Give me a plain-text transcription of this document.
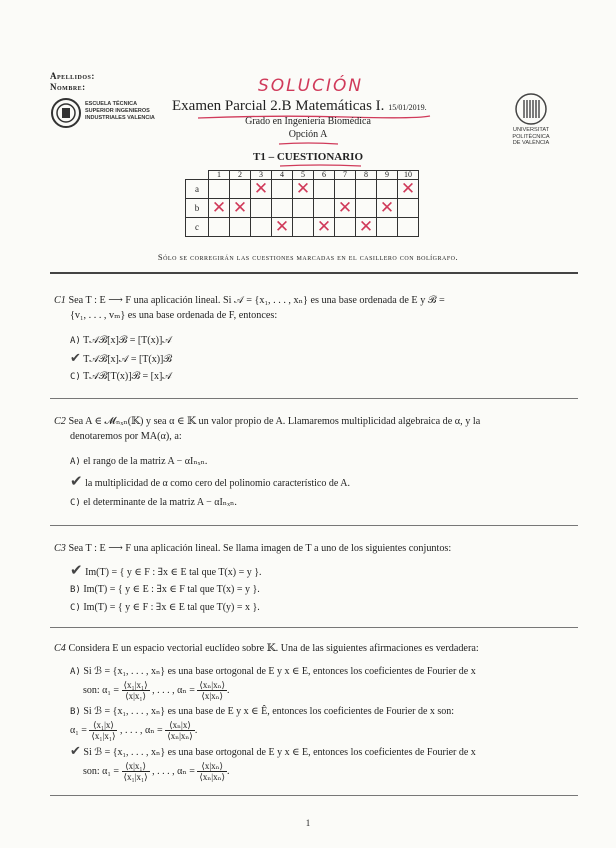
Apellidos:
Nombre:	SOLUCIÓN
ESCUELA TÉCNICA
SUPERIOR INGENIEROS
INDUSTRIALES VALENCIA
Examen Parcial 2.B Matemáticas I. 15/01/2019.
Grado en Ingeniería Biomédica
Opción A	UNIVERSITAT
POLITÈCNICA
DE VALÈNCIA
T1 – CUESTIONARIO
	1	2	3	4	5	6	7	8	9	10
a			✕		✕					✕
b	✕	✕					✕		✕	
c				✕		✕		✕		
Sólo se corregirán las cuestiones marcadas en el casillero con bolígrafo.
C1 Sea T : E ⟶ F una aplicación lineal. Si 𝒜 = {x₁, . . . , xₙ} es una base ordenada de E y ℬ =
{v₁, . . . , vₘ} es una base ordenada de F, entonces:
A) T𝒜ℬ[x]ℬ = [T(x)]𝒜
✔ T𝒜ℬ[x]𝒜 = [T(x)]ℬ
C) T𝒜ℬ[T(x)]ℬ = [x]𝒜
C2 Sea A ∈ 𝓜ₙₓₙ(𝕂) y sea α ∈ 𝕂 un valor propio de A. Llamaremos multiplicidad algebraica de α, y la
denotaremos por MA(α), a:
A) el rango de la matriz A − αIₙₓₙ.
✔ la multiplicidad de α como cero del polinomio característico de A.
C) el determinante de la matriz A − αIₙₓₙ.
C3 Sea T : E ⟶ F una aplicación lineal. Se llama imagen de T a uno de los siguientes conjuntos:
✔ Im(T) = { y ∈ F : ∃x ∈ E tal que T(x) = y }.
B) Im(T) = { y ∈ E : ∃x ∈ F tal que T(x) = y }.
C) Im(T) = { y ∈ F : ∃x ∈ E tal que T(y) = x }.
C4 Considera E un espacio vectorial euclídeo sobre 𝕂. Una de las siguientes afirmaciones es verdadera:
A) Si ℬ = {x₁, . . . , xₙ} es una base ortogonal de E y x ∈ E, entonces los coeficientes de Fourier de x
son: $\alpha_1 = \frac{\text{⟨x₁|x₁⟩}}{\text{⟨x|x₁⟩}}$ , . . . , $\alpha_n = \frac{\text{⟨xₙ|xₙ⟩}}{\text{⟨x|xₙ⟩}}$ .
B) Si ℬ = {x₁, . . . , xₙ} es una base de E y x ∈ Ê, entonces los coeficientes de Fourier de x son:
$\alpha_1 = \frac{\text{⟨x₁|x⟩}}{\text{⟨x₁|x₁⟩}}$ , . . . , $\alpha_n = \frac{\text{⟨xₙ|x⟩}}{\text{⟨xₙ|xₙ⟩}}$ .
✔ Si ℬ = {x₁, . . . , xₙ} es una base ortogonal de E y x ∈ E, entonces los coeficientes de Fourier de x
son: $\alpha_1 = \frac{\text{⟨x|x₁⟩}}{\text{⟨x₁|x₁⟩}}$ , . . . , $\alpha_n = \frac{\text{⟨x|xₙ⟩}}{\text{⟨xₙ|xₙ⟩}}$ .
1
